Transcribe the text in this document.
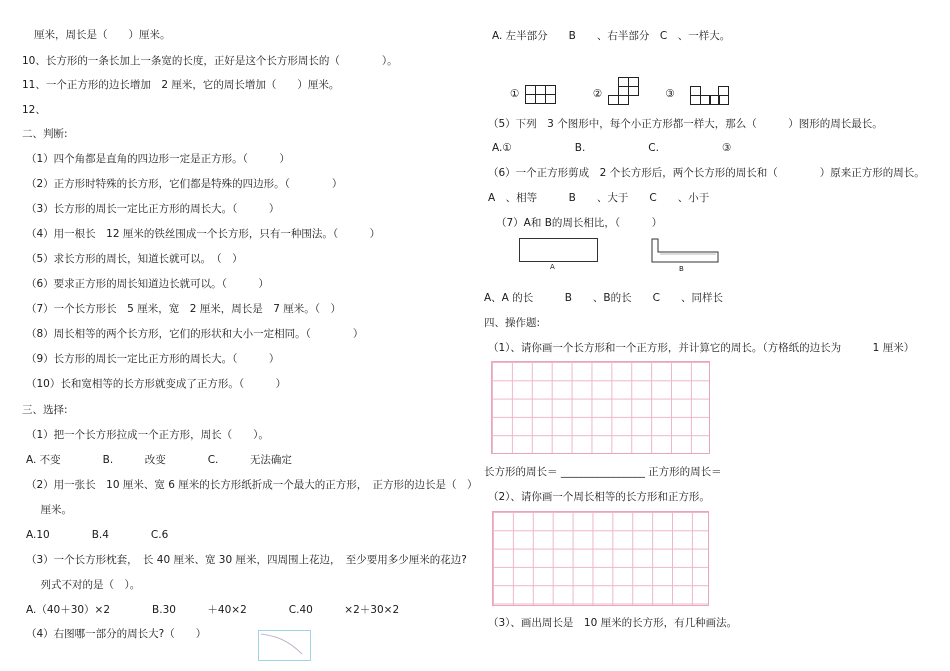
厘米，周长是（　　）厘米。
10、长方形的一条长加上一条宽的长度，正好是这个长方形周长的（　　　　）。
11、一个正方形的边长增加　2 厘米，它的周长增加（　　）厘米。
12、
二、判断:
（1）四个角都是直角的四边形一定是正方形。（　　　）
（2）正方形时特殊的长方形，它们都是特殊的四边形。（　　　　）
（3）长方形的周长一定比正方形的周长大。（　　　）
（4）用一根长　12 厘米的铁丝围成一个长方形，只有一种围法。（　　　）
（5）求长方形的周长，知道长就可以。　（　）
（6）要求正方形的周长知道边长就可以。（　　　）
（7）一个长方形长　5 厘米，宽　2 厘米，周长是　7 厘米。（　）
（8）周长相等的两个长方形，它们的形状和大小一定相同。（　　　　）
（9）长方形的周长一定比正方形的周长大。（　　　）
（10）长和宽相等的长方形就变成了正方形。（　　　）
三、选择:
（1）把一个长方形拉成一个正方形，周长（　　）。
A. 不变　　　　B.　　　改变　　　　C.　　　无法确定
（2）用一张长　10 厘米、宽 6 厘米的长方形纸折成一个最大的正方形，　正方形的边长是（　）
　厘米。
A.10　　　　B.4　　　　C.6
（3）一个长方形枕套，　长 40 厘米、宽 30 厘米，四周围上花边，　至少要用多少厘米的花边?
　列式不对的是（　）。
A.（40＋30）×2　　　　B.30　　　＋40×2　　　　C.40　　　×2＋30×2
（4）右图哪一部分的周长大?（　　）
A. 左半部分　　B　　、右半部分　C　、一样大。
①　　　　　　　②　　　　　　③
（5）下列　3 个图形中，每个小正方形都一样大，那么（　　　）图形的周长最长。
A.①　　　　　　B.　　　　　　C.　　　　　　③
（6）一个正方形剪成　2 个长方形后，两个长方形的周长和（　　　　）原来正方形的周长。
A　、相等　　　B　　、大于　　C　　、小于
（7）A和 B的周长相比，（　　　）
A	B
A、A 的长　　　B　　、B的长　　C　　、同样长
四、操作题:
（1）、请你画一个长方形和一个正方形，并计算它的周长。（方格纸的边长为　　　1 厘米）
长方形的周长＝ ________________ 正方形的周长＝
（2）、请你画一个周长相等的长方形和正方形。
（3）、画出周长是　10 厘米的长方形，有几种画法。
